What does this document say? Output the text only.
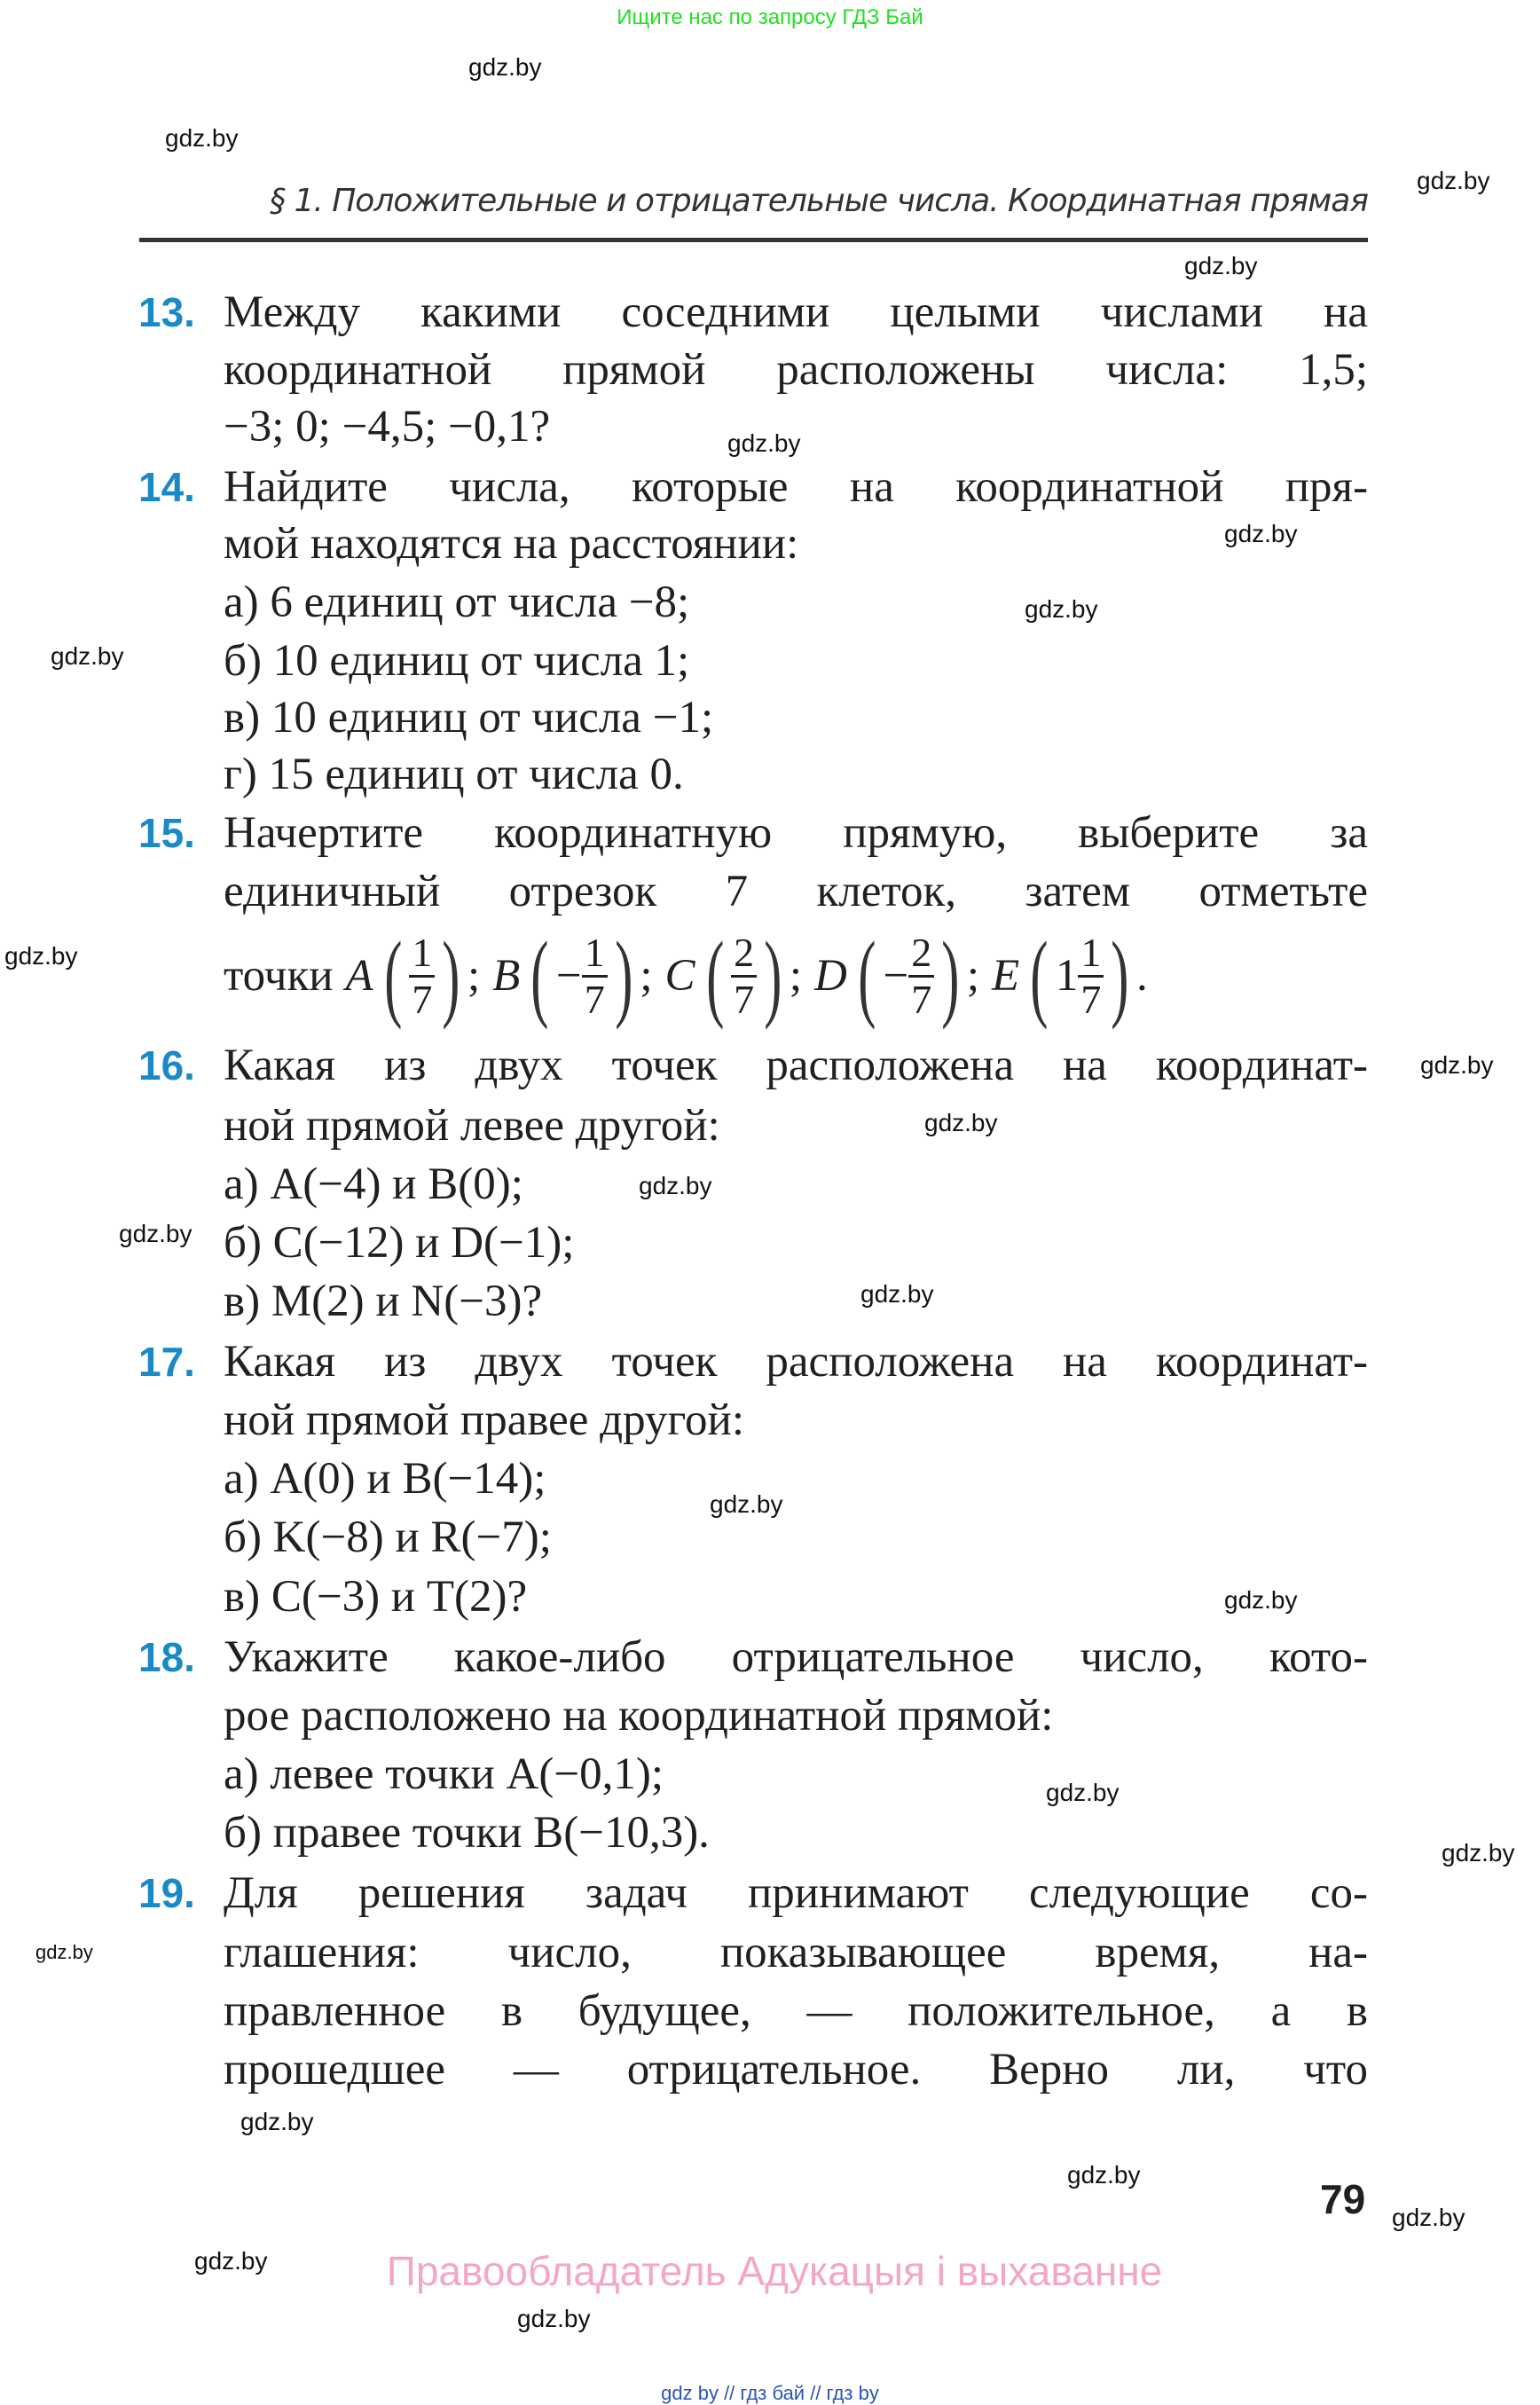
Ищите нас по запросу ГДЗ Бай
§ 1. Положительные и отрицательные числа. Координатная прямая
13. Между какими соседними целыми числами на
координатной прямой расположены числа: 1,5;
−3; 0; −4,5; −0,1?
14. Найдите числа, которые на координатной пря-
мой находятся на расстоянии:
а) 6 единиц от числа −8;
б) 10 единиц от числа 1;
в) 10 единиц от числа −1;
г) 15 единиц от числа 0.
15. Начертите координатную прямую, выберите за
единичный отрезок 7 клеток, затем отметьте
точки A ( $\frac{1}{7}$ ) ; B ( − $\frac{1}{7}$ ) ; C ( $\frac{2}{7}$ ) ; D ( − $\frac{2}{7}$ ) ; E ( $1 \frac{1}{7}$ ) .
16. Какая из двух точек расположена на координат-
ной прямой левее другой:
а) A(−4) и B(0);
б) C(−12) и D(−1);
в) M(2) и N(−3)?
17. Какая из двух точек расположена на координат-
ной прямой правее другой:
а) A(0) и B(−14);
б) K(−8) и R(−7);
в) C(−3) и T(2)?
18. Укажите какое-либо отрицательное число, кото-
рое расположено на координатной прямой:
а) левее точки A(−0,1);
б) правее точки B(−10,3).
19. Для решения задач принимают следующие со-
глашения: число, показывающее время, на-
правленное в будущее, — положительное, а в
прошедшее — отрицательное. Верно ли, что
gdz.by
gdz.by
gdz.by
gdz.by
gdz.by
gdz.by
gdz.by
gdz.by
gdz.by
gdz.by
gdz.by
gdz.by
gdz.by
gdz.by
gdz.by
gdz.by
gdz.by
gdz.by
gdz.by
gdz.by
gdz.by
gdz.by
gdz.by
gdz.by
79
Правообладатель Адукацыя і выхаванне
gdz by // гдз бай // гдз by
